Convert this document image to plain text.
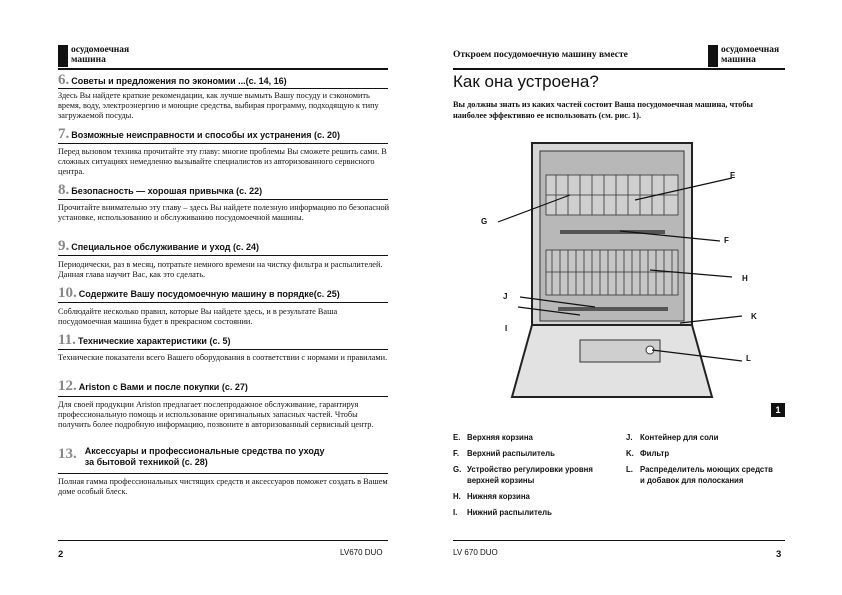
осудомоечная
машина
6. Советы и предложения по экономии ...(с. 14, 16)
Здесь Вы найдете краткие рекомендации, как лучше вымыть Вашу посуду и сэкономить время, воду, электроэнергию и моющие средства, выбирая программу, подходящую к типу загружаемой посуды.
7. Возможные неисправности и способы их устранения (с. 20)
Перед вызовом техника прочитайте эту главу: многие проблемы Вы сможете решить сами. В сложных ситуациях немедленно вызывайте специалистов из авторизованного сервисного центра.
8. Безопасность — хорошая привычка (с. 22)
Прочитайте внимательно эту главу – здесь Вы найдете полезную информацию по безопасной установке, использованию и обслуживанию посудомоечной машины.
9. Специальное обслуживание и уход (с. 24)
Периодически, раз в месяц, потратьте немного времени на чистку фильтра и распылителей. Данная глава научит Вас, как это сделать.
10. Содержите Вашу посудомоечную машину в порядке(с. 25)
Соблюдайте несколько правил, которые Вы найдете здесь, и в результате Ваша посудомоечная машина будет в прекрасном состоянии.
11. Технические характеристики (с. 5)
Технические показатели всего Вашего оборудования в соответствии с нормами и правилами.
12. Ariston с Вами и после покупки (с. 27)
Для своей продукции Ariston предлагает послепродажное обслуживание, гарантируя профессиональную помощь и использование оригинальных запасных частей. Чтобы получить более подробную информацию, позвоните в авторизованный сервисный центр.
13. Аксессуары и профессиональные средства по уходу
за бытовой техникой (с. 28)
Полная гамма профессиональных чистящих средств и аксессуаров поможет создать в Вашем доме особый блеск.
2	LV670 DUO
Откроем посудомоечную машину вместе	осудомоечная
машина
Как она устроена?
Вы должны знать из каких частей состоит Ваша посудомоечная машина, чтобы наиболее эффективно ее использовать (см. рис. 1).
E
F
G
H
I
J
K
L
1
E. Верхняя корзина
F.	Верхний распылитель
G. Устройство регулировки уровня верхней корзины
H. Нижняя корзина
I.	Нижний распылитель
J. Контейнер для соли
K. Фильтр
L. Распределитель моющих средств и добавок для полоскания
LV 670 DUO	3
